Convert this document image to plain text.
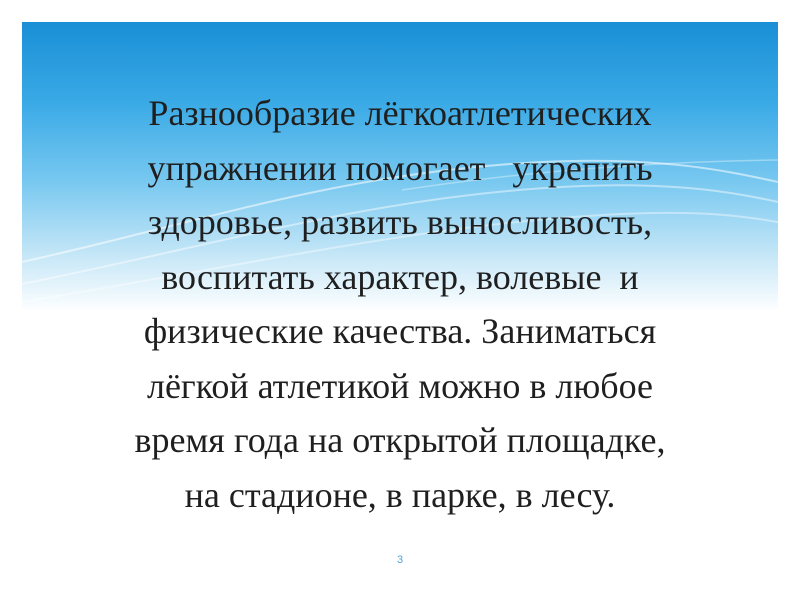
Разнообразие лёгкоатлетических
упражнении помогает   укрепить
здоровье, развить выносливость,
воспитать характер, волевые  и
физические качества. Заниматься
лёгкой атлетикой можно в любое
время года на открытой площадке,
на стадионе, в парке, в лесу.

3
